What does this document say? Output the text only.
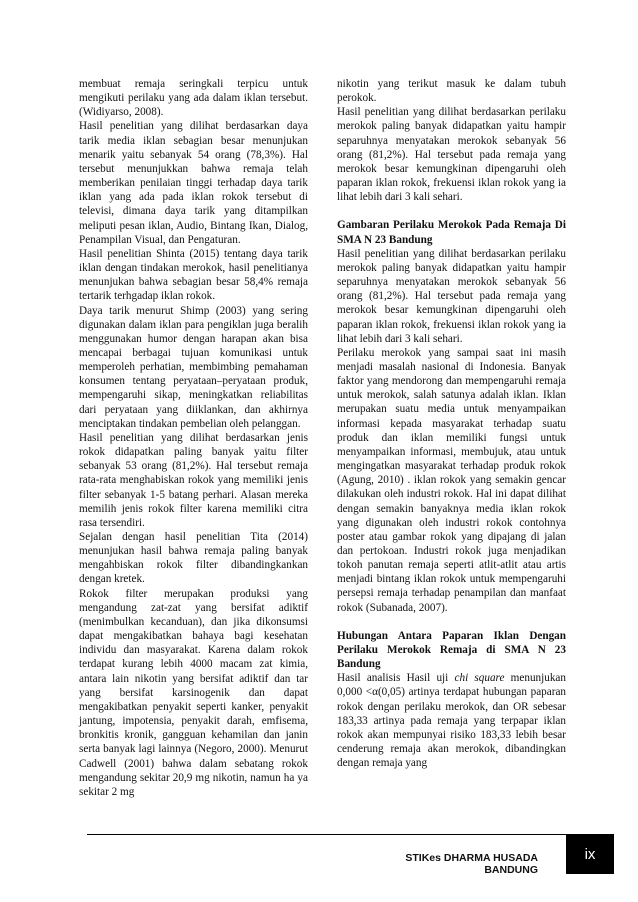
membuat remaja seringkali terpicu untuk mengikuti perilaku yang ada dalam iklan tersebut. (Widiyarso, 2008).

Hasil penelitian yang dilihat berdasarkan daya tarik media iklan sebagian besar menunjukan menarik yaitu sebanyak 54 orang (78,3%). Hal tersebut menunjukkan bahwa remaja telah memberikan penilaian tinggi terhadap daya tarik iklan yang ada pada iklan rokok tersebut di televisi, dimana daya tarik yang ditampilkan meliputi pesan iklan, Audio, Bintang Ikan, Dialog, Penampilan Visual, dan Pengaturan.

Hasil penelitian Shinta (2015) tentang daya tarik iklan dengan tindakan merokok, hasil penelitianya menunjukan bahwa sebagian besar 58,4% remaja tertarik terhgadap iklan rokok.

Daya tarik menurut Shimp (2003) yang sering digunakan dalam iklan para pengiklan juga beralih menggunakan humor dengan harapan akan bisa mencapai berbagai tujuan komunikasi untuk memperoleh perhatian, membimbing pemahaman konsumen tentang peryataan–peryataan produk, mempengaruhi sikap, meningkatkan reliabilitas dari peryataan yang diiklankan, dan akhirnya menciptakan tindakan pembelian oleh pelanggan.

Hasil penelitian yang dilihat berdasarkan jenis rokok didapatkan paling banyak yaitu filter sebanyak 53 orang (81,2%). Hal tersebut remaja rata-rata menghabiskan rokok yang memiliki jenis filter sebanyak 1-5 batang perhari. Alasan mereka memilih jenis rokok filter karena memiliki citra rasa tersendiri.

Sejalan dengan hasil penelitian Tita (2014) menunjukan hasil bahwa remaja paling banyak mengahbiskan rokok filter dibandingkankan dengan kretek.

Rokok filter merupakan produksi yang mengandung zat-zat yang bersifat adiktif (menimbulkan kecanduan), dan jika dikonsumsi dapat mengakibatkan bahaya bagi kesehatan individu dan masyarakat. Karena dalam rokok terdapat kurang lebih 4000 macam zat kimia, antara lain nikotin yang bersifat adiktif dan tar yang bersifat karsinogenik dan dapat mengakibatkan penyakit seperti kanker, penyakit jantung, impotensia, penyakit darah, emfisema, bronkitis kronik, gangguan kehamilan dan janin serta banyak lagi lainnya (Negoro, 2000). Menurut Cadwell (2001) bahwa dalam sebatang rokok mengandung sekitar 20,9 mg nikotin, namun ha ya sekitar 2 mg

nikotin yang terikut masuk ke dalam tubuh perokok.

Hasil penelitian yang dilihat berdasarkan perilaku merokok paling banyak didapatkan yaitu hampir separuhnya menyatakan merokok sebanyak 56 orang (81,2%). Hal tersebut pada remaja yang merokok besar kemungkinan dipengaruhi oleh paparan iklan rokok, frekuensi iklan rokok yang ia lihat lebih dari 3 kali sehari.

Gambaran Perilaku Merokok Pada Remaja Di SMA N 23 Bandung

Hasil penelitian yang dilihat berdasarkan perilaku merokok paling banyak didapatkan yaitu hampir separuhnya menyatakan merokok sebanyak 56 orang (81,2%). Hal tersebut pada remaja yang merokok besar kemungkinan dipengaruhi oleh paparan iklan rokok, frekuensi iklan rokok yang ia lihat lebih dari 3 kali sehari.

Perilaku merokok yang sampai saat ini masih menjadi masalah nasional di Indonesia. Banyak faktor yang mendorong dan mempengaruhi remaja untuk merokok, salah satunya adalah iklan. Iklan merupakan suatu media untuk menyampaikan informasi kepada masyarakat terhadap suatu produk dan iklan memiliki fungsi untuk menyampaikan informasi, membujuk, atau untuk mengingatkan masyarakat terhadap produk rokok (Agung, 2010) . iklan rokok yang semakin gencar dilakukan oleh industri rokok. Hal ini dapat dilihat dengan semakin banyaknya media iklan rokok yang digunakan oleh industri rokok contohnya poster atau gambar rokok yang dipajang di jalan dan pertokoan. Industri rokok juga menjadikan tokoh panutan remaja seperti atlit-atlit atau artis menjadi bintang iklan rokok untuk mempengaruhi persepsi remaja terhadap penampilan dan manfaat rokok (Subanada, 2007).

Hubungan Antara Paparan Iklan Dengan Perilaku Merokok Remaja di SMA N 23 Bandung

Hasil analisis Hasil uji chi square menunjukan 0,000 <α(0,05) artinya terdapat hubungan paparan rokok dengan perilaku merokok, dan OR sebesar 183,33 artinya pada remaja yang terpapar iklan rokok akan mempunyai risiko 183,33 lebih besar cenderung remaja akan merokok, dibandingkan dengan remaja yang

STIKes DHARMA HUSADA BANDUNG
ix
